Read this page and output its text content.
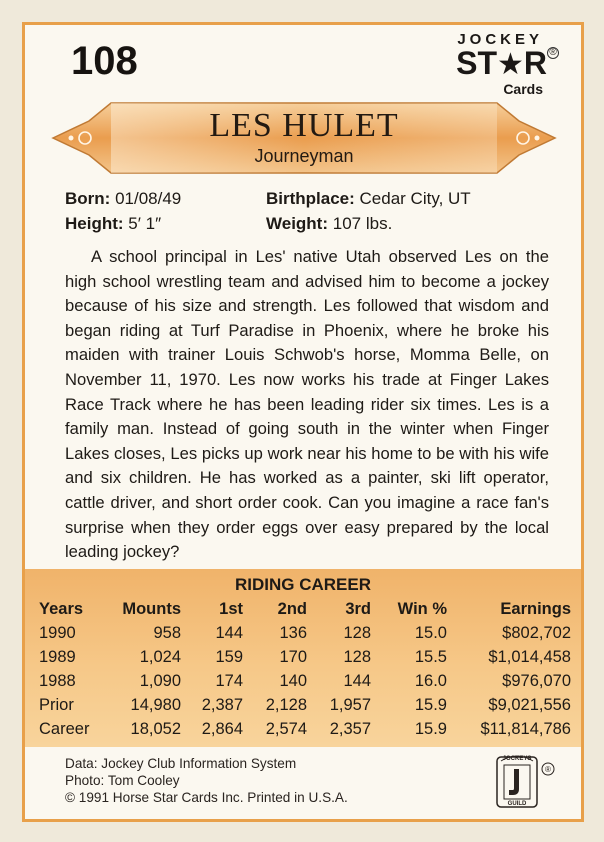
108	JOCKEY
ST★R ®
Cards
LES HULET
Journeyman
Born: 01/08/49	Birthplace: Cedar City, UT
Height: 5′ 1″	Weight: 107 lbs.

A school principal in Les' native Utah observed Les on the high school wrestling team and advised him to become a jockey because of his size and strength. Les followed that wisdom and began riding at Turf Paradise in Phoenix, where he broke his maiden with trainer Louis Schwob's horse, Momma Belle, on November 11, 1970. Les now works his trade at Finger Lakes Race Track where he has been leading rider six times. Les is a family man. Instead of going south in the winter when Finger Lakes closes, Les picks up work near his home to be with his wife and six children. He has worked as a painter, ski lift operator, cattle driver, and short order cook. Can you imagine a race fan's surprise when they order eggs over easy prepared by the local leading jockey?

RIDING CAREER
Years	Mounts	1st	2nd	3rd	Win %	Earnings
1990	958	144	136	128	15.0	$802,702
1989	1,024	159	170	128	15.5	$1,014,458
1988	1,090	174	140	144	16.0	$976,070
Prior	14,980	2,387	2,128	1,957	15.9	$9,021,556
Career	18,052	2,864	2,574	2,357	15.9	$11,814,786
Data: Jockey Club Information System
Photo: Tom Cooley
© 1991 Horse Star Cards Inc. Printed in U.S.A.
JOCKEYS
GUILD
®
